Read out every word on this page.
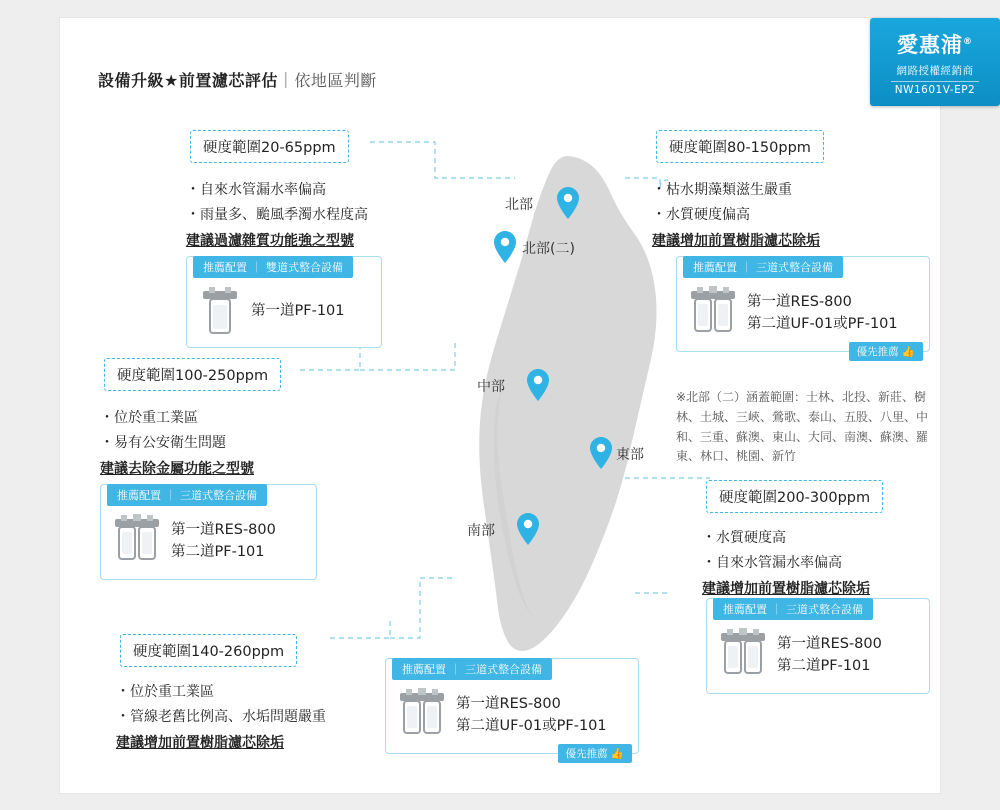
設備升級★前置濾芯評估｜依地區判斷
愛惠浦®
網路授權經銷商
NW1601V-EP2
北部
北部(二)
中部
東部
南部
硬度範圍20-65ppm
・自來水管漏水率偏高
・雨量多、颱風季濁水程度高
建議過濾雜質功能強之型號
推薦配置 ｜ 雙道式整合設備
第一道PF-101
硬度範圍80-150ppm
・枯水期藻類滋生嚴重
・水質硬度偏高
建議增加前置樹脂濾芯除垢
推薦配置 ｜ 三道式整合設備
第一道RES-800
第二道UF-01或PF-101
優先推薦 👍
※北部（二）涵蓋範圍：士林、北投、新莊、樹林、土城、三峽、鶯歌、泰山、五股、八里、中和、三重、蘇澳、東山、大同、南澳、蘇澳、羅東、林口、桃園、新竹
硬度範圍100-250ppm
・位於重工業區
・易有公安衛生問題
建議去除金屬功能之型號
推薦配置 ｜ 三道式整合設備
第一道RES-800
第二道PF-101
硬度範圍200-300ppm
・水質硬度高
・自來水管漏水率偏高
建議增加前置樹脂濾芯除垢
推薦配置 ｜ 三道式整合設備
第一道RES-800
第二道PF-101
硬度範圍140-260ppm
・位於重工業區
・管線老舊比例高、水垢問題嚴重
建議增加前置樹脂濾芯除垢
推薦配置 ｜ 三道式整合設備
第一道RES-800
第二道UF-01或PF-101
優先推薦 👍
